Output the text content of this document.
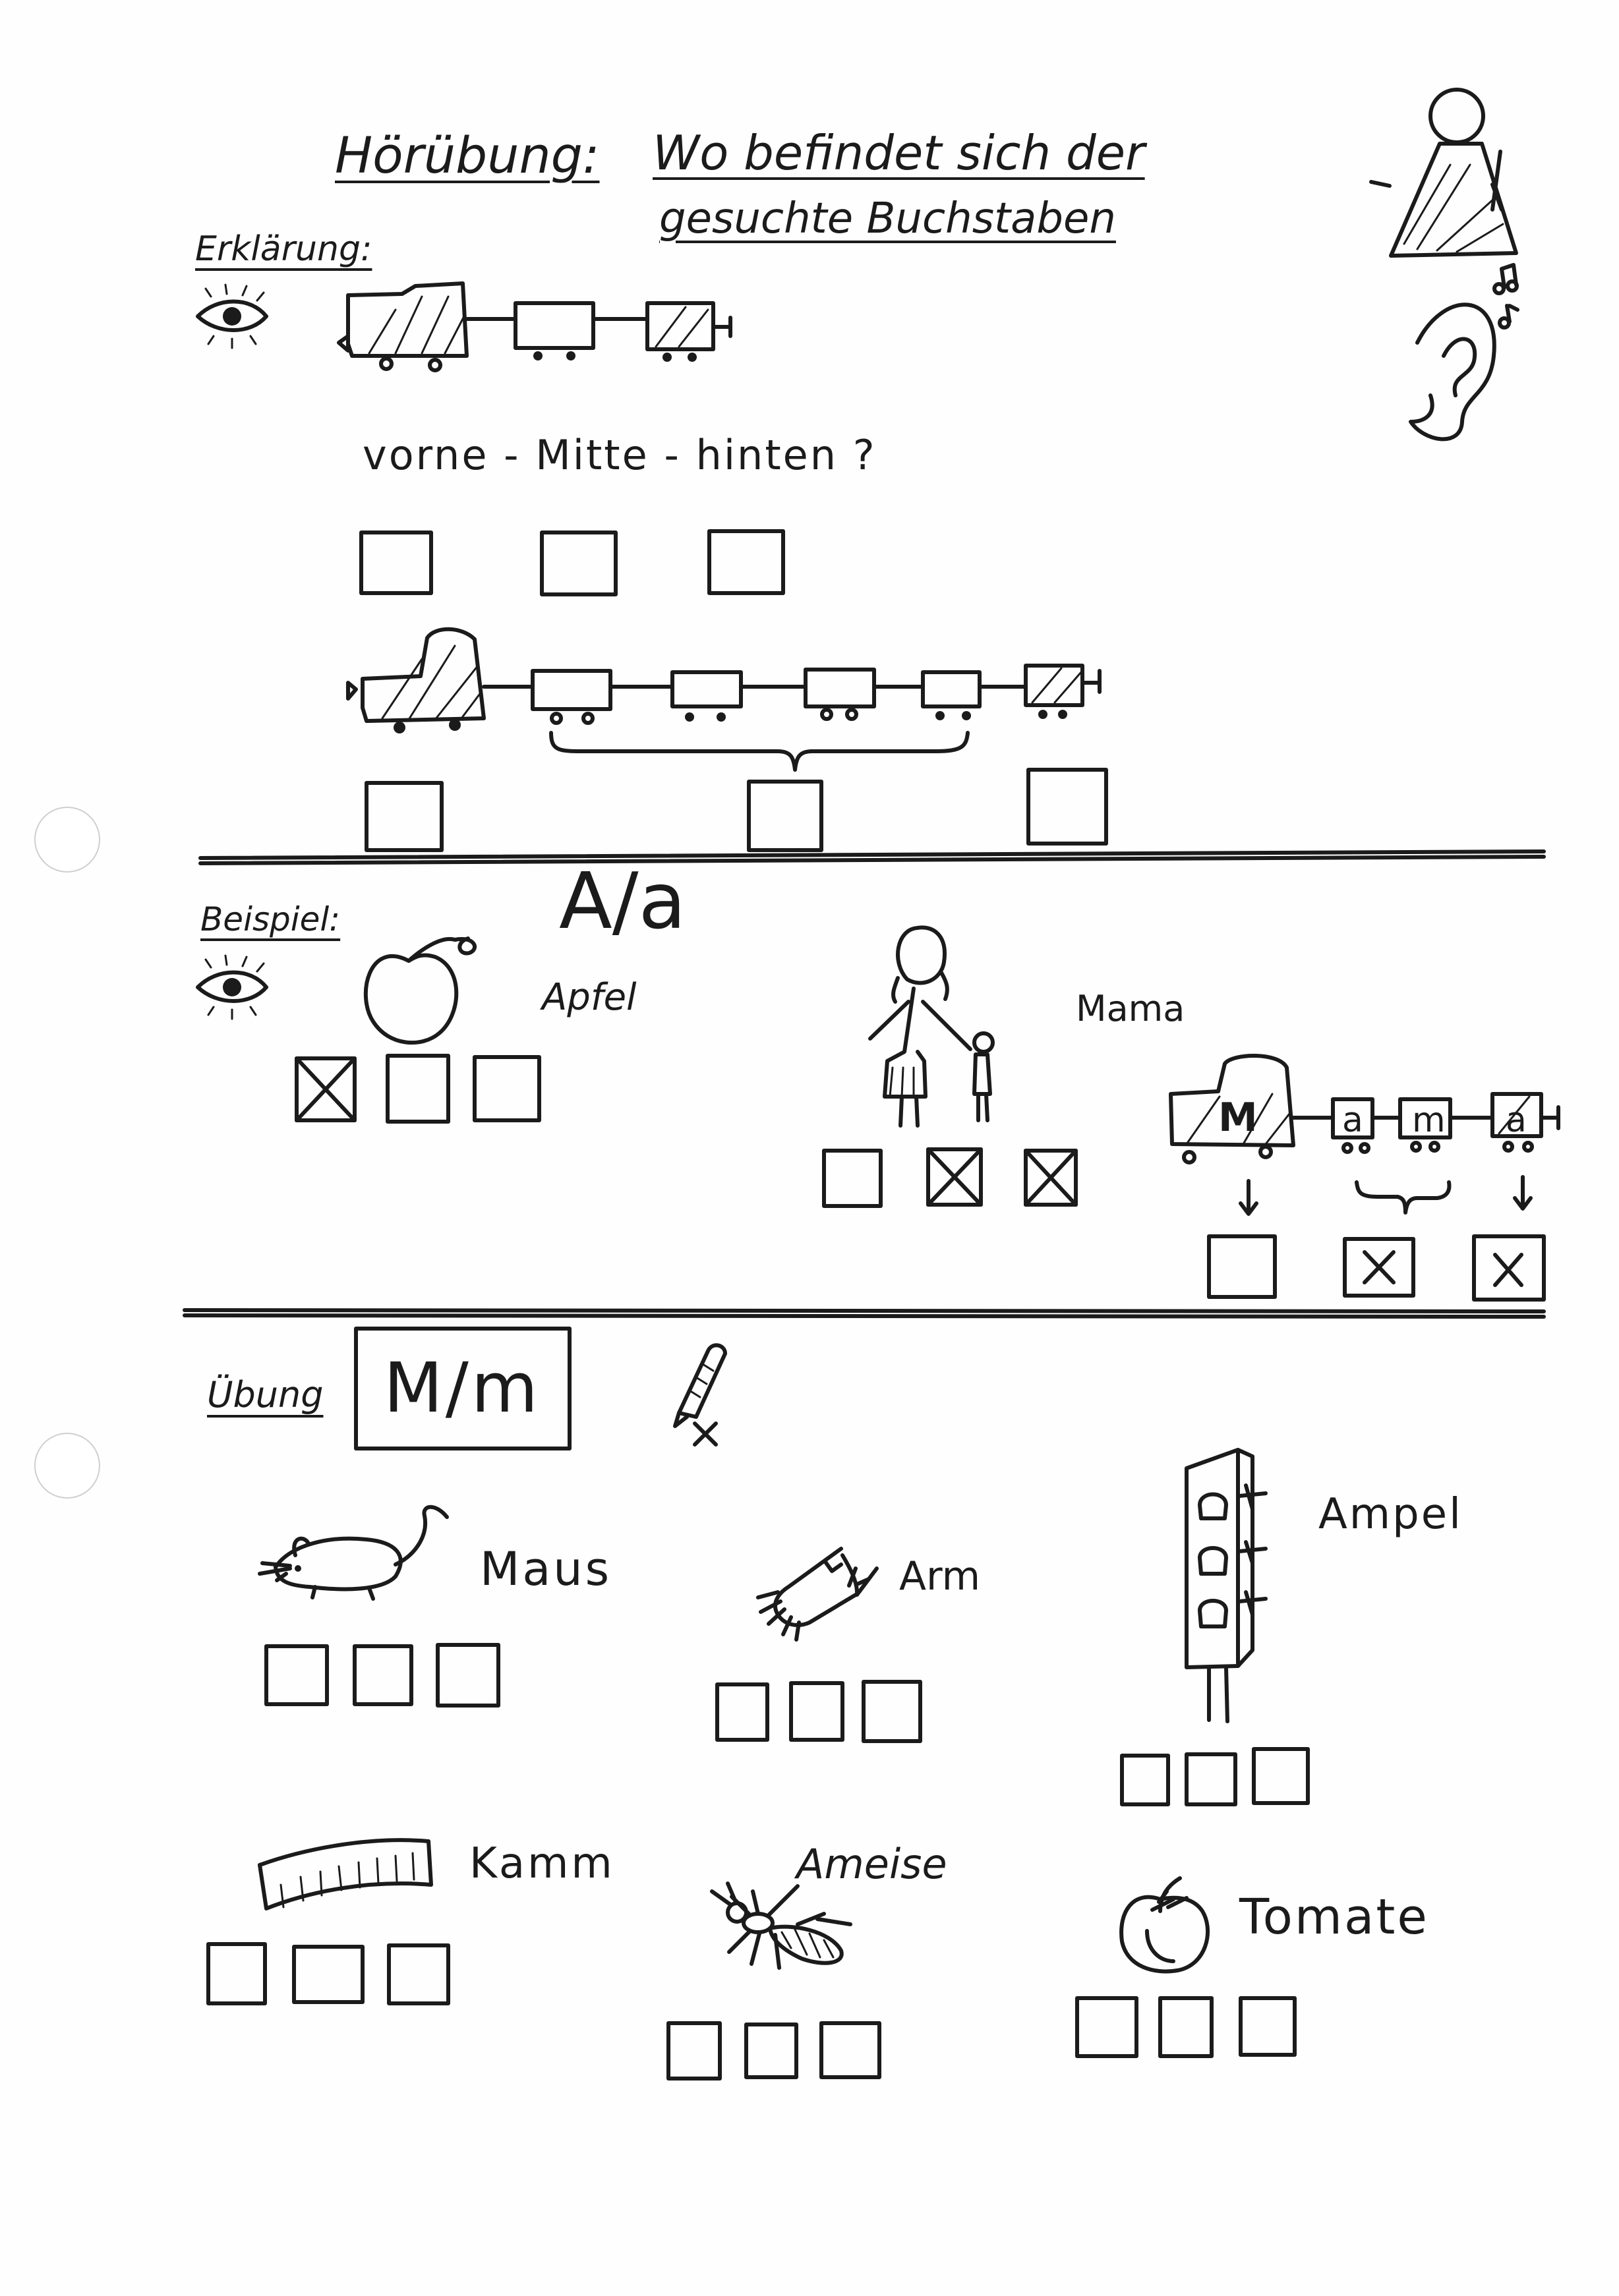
Hörübung: Wo befindet sich der
gesuchte Buchstaben
Erklärung:
vorne - Mitte - hinten ?
Beispiel:	A/a
Apfel	Mama
Übung M/m
Maus	Arm
Ampel
Kamm	Ameise
Tomate
M a m a
